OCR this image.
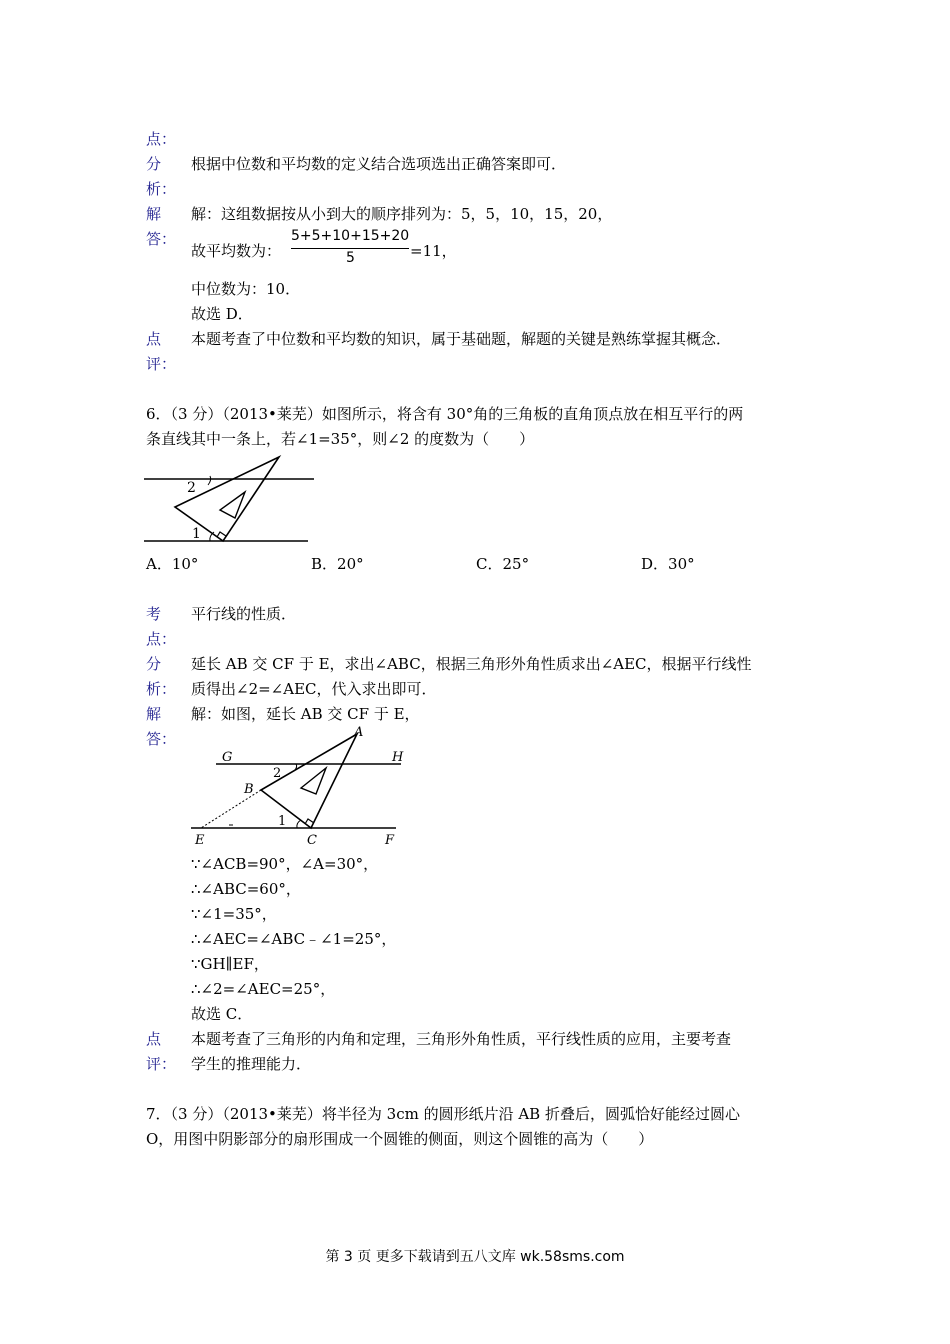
点：
分
析：
根据中位数和平均数的定义结合选项选出正确答案即可．
解
答：
解：这组数据按从小到大的顺序排列为：5，5，10，15，20，
故平均数为：
5+5+10+15+20
5	=11，
中位数为：10．
故选 D．
点
评：
本题考查了中位数和平均数的知识，属于基础题，解题的关键是熟练掌握其概念．
6．（3 分）（2013•莱芜）如图所示，将含有 30°角的三角板的直角顶点放在相互平行的两
条直线其中一条上，若∠1=35°，则∠2 的度数为（　　）
2
1
A．10°	B．20°	C．25°	D．30°
考
点：
平行线的性质．
分
析：
延长 AB 交 CF 于 E，求出∠ABC，根据三角形外角性质求出∠AEC，根据平行线性
质得出∠2=∠AEC，代入求出即可．
解
答：
解：如图，延长 AB 交 CF 于 E，
A
G	H
B
2
E
1
C	F
∵∠ACB=90°，∠A=30°，
∴∠ABC=60°，
∵∠1=35°，
∴∠AEC=∠ABC﹣∠1=25°，
∵GH∥EF，
∴∠2=∠AEC=25°，
故选 C．
点
评：
本题考查了三角形的内角和定理，三角形外角性质，平行线性质的应用，主要考查
学生的推理能力．
7．（3 分）（2013•莱芜）将半径为 3cm 的圆形纸片沿 AB 折叠后，圆弧恰好能经过圆心
O，用图中阴影部分的扇形围成一个圆锥的侧面，则这个圆锥的高为（　　）
第 3 页 更多下载请到五八文库 wk.58sms.com
